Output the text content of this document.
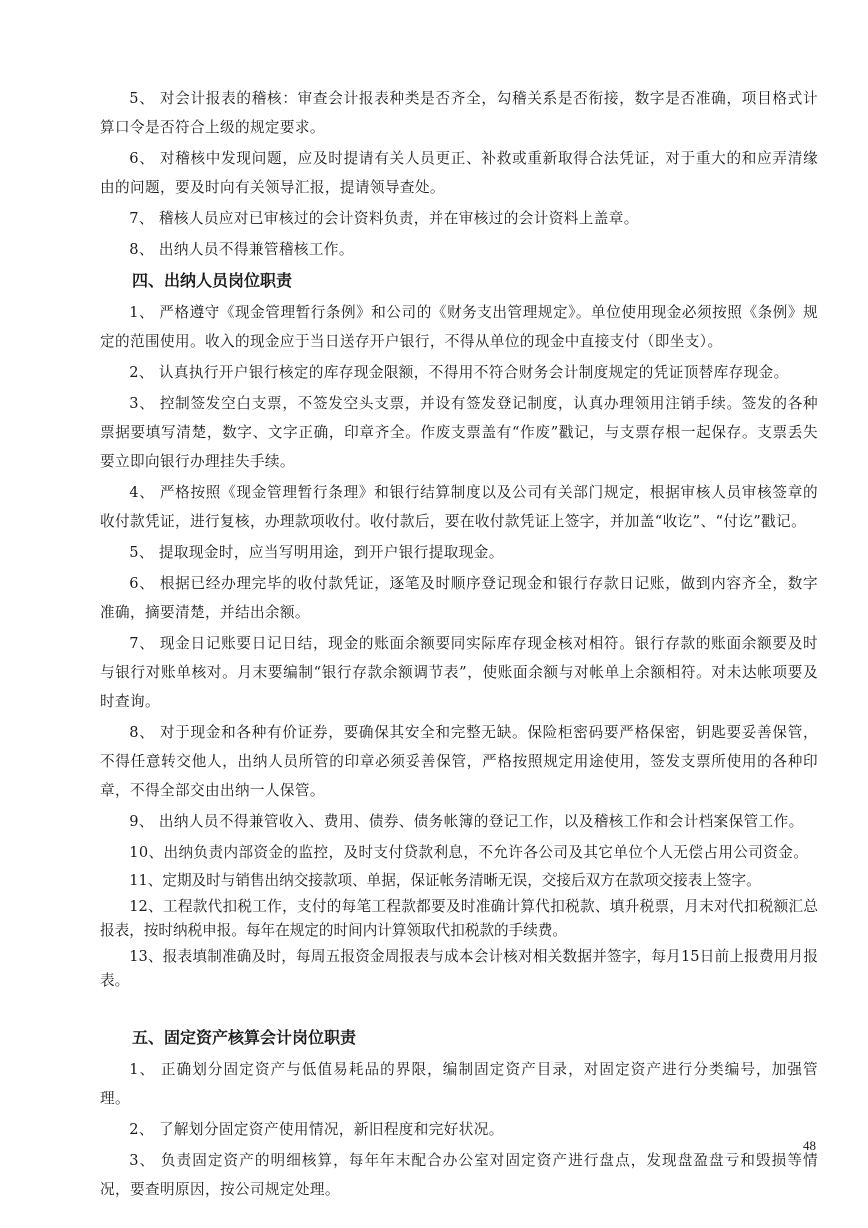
5、 对会计报表的稽核：审查会计报表种类是否齐全，勾稽关系是否衔接，数字是否准确，项目格式计算口令是否符合上级的规定要求。

6、 对稽核中发现问题，应及时提请有关人员更正、补救或重新取得合法凭证，对于重大的和应弄清缘由的问题，要及时向有关领导汇报，提请领导查处。

7、 稽核人员应对已审核过的会计资料负责，并在审核过的会计资料上盖章。

8、 出纳人员不得兼管稽核工作。

四、出纳人员岗位职责

1、 严格遵守《现金管理暂行条例》和公司的《财务支出管理规定》。单位使用现金必须按照《条例》规定的范围使用。收入的现金应于当日送存开户银行，不得从单位的现金中直接支付（即坐支）。

2、 认真执行开户银行核定的库存现金限额，不得用不符合财务会计制度规定的凭证顶替库存现金。

3、 控制签发空白支票，不签发空头支票，并设有签发登记制度，认真办理领用注销手续。签发的各种票据要填写清楚，数字、文字正确，印章齐全。作废支票盖有“作废”戳记，与支票存根一起保存。支票丢失要立即向银行办理挂失手续。

4、 严格按照《现金管理暂行条理》和银行结算制度以及公司有关部门规定，根据审核人员审核签章的收付款凭证，进行复核，办理款项收付。收付款后，要在收付款凭证上签字，并加盖“收讫”、“付讫”戳记。

5、 提取现金时，应当写明用途，到开户银行提取现金。

6、 根据已经办理完毕的收付款凭证，逐笔及时顺序登记现金和银行存款日记账，做到内容齐全，数字准确，摘要清楚，并结出余额。

7、 现金日记账要日记日结，现金的账面余额要同实际库存现金核对相符。银行存款的账面余额要及时与银行对账单核对。月末要编制“银行存款余额调节表”，使账面余额与对帐单上余额相符。对未达帐项要及时查询。

8、 对于现金和各种有价证券，要确保其安全和完整无缺。保险柜密码要严格保密，钥匙要妥善保管，不得任意转交他人，出纳人员所管的印章必须妥善保管，严格按照规定用途使用，签发支票所使用的各种印章，不得全部交由出纳一人保管。

9、 出纳人员不得兼管收入、费用、债券、债务帐簿的登记工作，以及稽核工作和会计档案保管工作。

10、出纳负责内部资金的监控，及时支付贷款利息，不允许各公司及其它单位个人无偿占用公司资金。

11、定期及时与销售出纳交接款项、单据，保证帐务清晰无误，交接后双方在款项交接表上签字。

12、工程款代扣税工作，支付的每笔工程款都要及时准确计算代扣税款、填升税票，月末对代扣税额汇总报表，按时纳税申报。每年在规定的时间内计算领取代扣税款的手续费。

13、报表填制准确及时，每周五报资金周报表与成本会计核对相关数据并签字，每月15日前上报费用月报表。

五、固定资产核算会计岗位职责

1、 正确划分固定资产与低值易耗品的界限，编制固定资产目录，对固定资产进行分类编号，加强管理。

2、 了解划分固定资产使用情况，新旧程度和完好状况。

3、 负责固定资产的明细核算，每年年末配合办公室对固定资产进行盘点，发现盘盈盘亏和毁损等情况，要查明原因，按公司规定处理。

48
